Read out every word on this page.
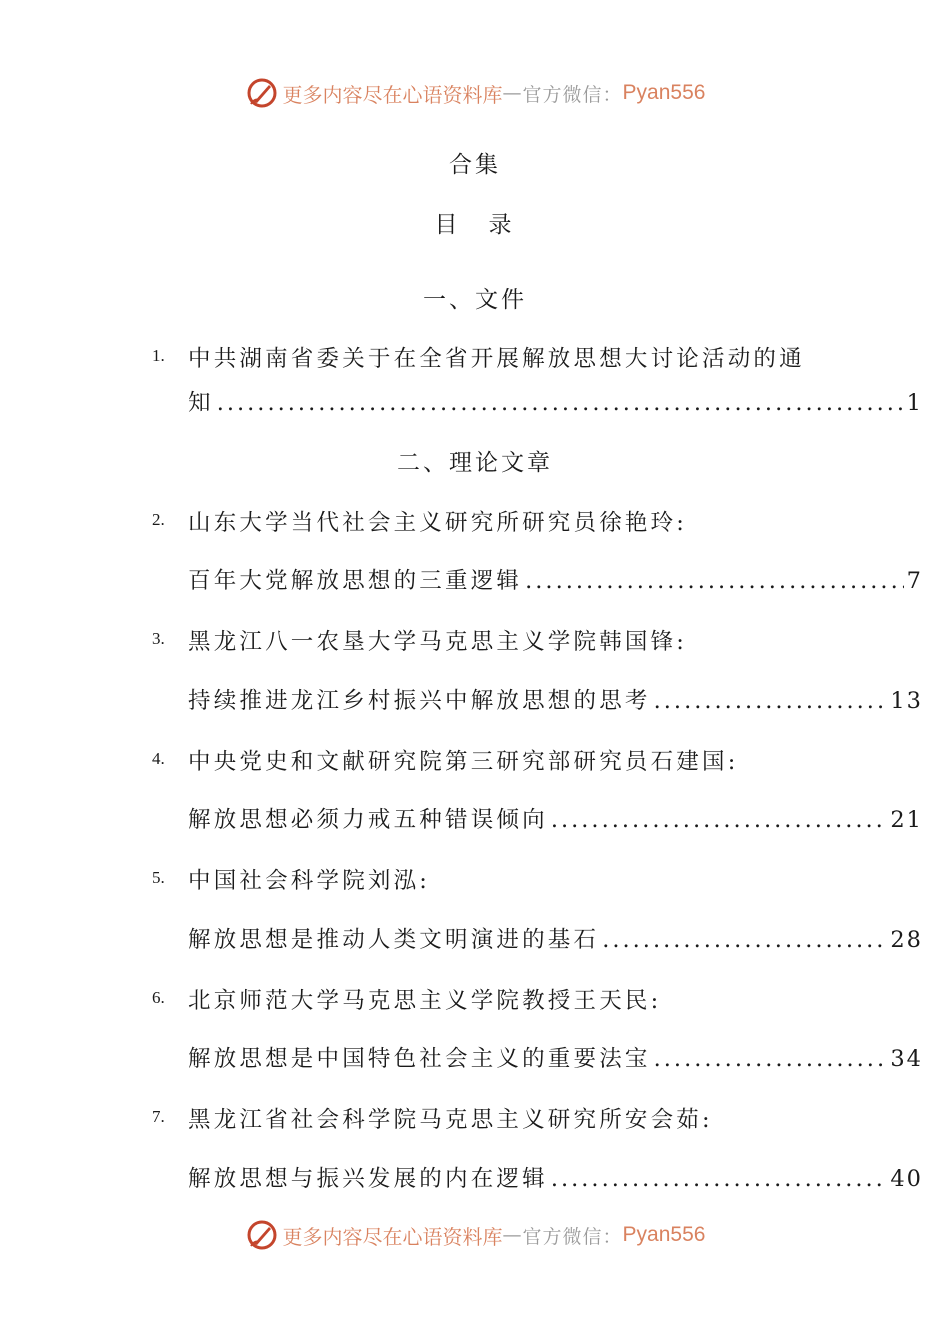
更多内容尽在心语资料库 — 官方微信： Pyan556
合集
目　录
一、文件
1. 中共湖南省委关于在全省开展解放思想大讨论活动的通
知 .....	1
二、理论文章
2. 山东大学当代社会主义研究所研究员徐艳玲:
百年大党解放思想的三重逻辑 .....	7
3. 黑龙江八一农垦大学马克思主义学院韩国锋:
持续推进龙江乡村振兴中解放思想的思考 .....	13
4. 中央党史和文献研究院第三研究部研究员石建国:
解放思想必须力戒五种错误倾向 .....	21
5. 中国社会科学院刘泓:
解放思想是推动人类文明演进的基石 .....	28
6. 北京师范大学马克思主义学院教授王天民:
解放思想是中国特色社会主义的重要法宝 .....	34
7. 黑龙江省社会科学院马克思主义研究所安会茹:
解放思想与振兴发展的内在逻辑 .....	40
更多内容尽在心语资料库 — 官方微信： Pyan556
